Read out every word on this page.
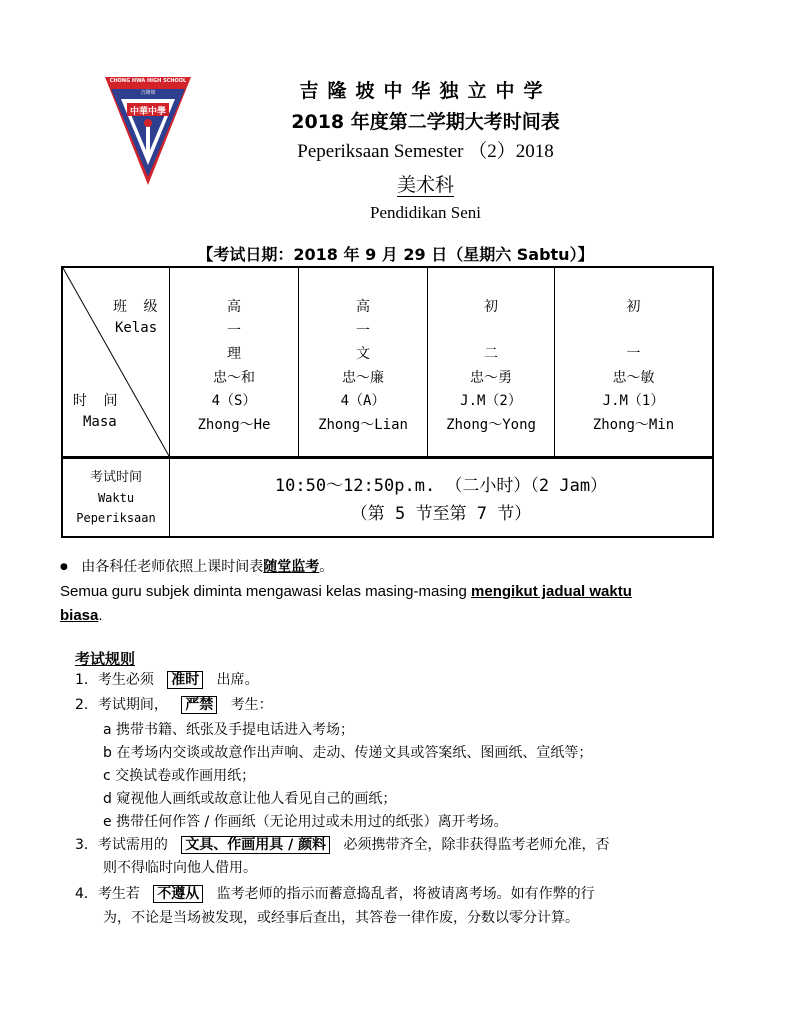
CHONG HWA HIGH SCHOOL
吉隆坡
中華中學
吉隆坡中华独立中学
2018 年度第二学期大考时间表
Peperiksaan Semester （2）2018
美术科
Pendidikan Seni
【考试日期：2018 年 9 月 29 日（星期六 Sabtu）】
班 级
Kelas
时 间
Masa
高
一
理
忠～和
4（S）
Zhong～He
高
一
文
忠～廉
4（A）
Zhong～Lian
初
二
忠～勇
J.M（2）
Zhong～Yong
初
一
忠～敏
J.M（1）
Zhong～Min
考试时间
Waktu
Peperiksaan
10:50～12:50p.m. （二小时）（2 Jam）
（第 5 节至第 7 节）
● 由各科任老师依照上课时间表随堂监考。
Semua guru subjek diminta mengawasi kelas masing-masing mengikut jadual waktu
biasa.
考试规则
1．考生必须 准时 出席。
2．考试期间， 严禁 考生：
a 携带书籍、纸张及手提电话进入考场；
b 在考场内交谈或故意作出声响、走动、传递文具或答案纸、图画纸、宣纸等；
c 交换试卷或作画用纸；
d 窥视他人画纸或故意让他人看见自己的画纸；
e 携带任何作答 / 作画纸（无论用过或未用过的纸张）离开考场。
3．考试需用的 文具、作画用具 / 颜料 必须携带齐全，除非获得监考老师允准，否
则不得临时向他人借用。
4．考生若 不遵从 监考老师的指示而蓄意捣乱者，将被请离考场。如有作弊的行
为，不论是当场被发现，或经事后查出，其答卷一律作废，分数以零分计算。
